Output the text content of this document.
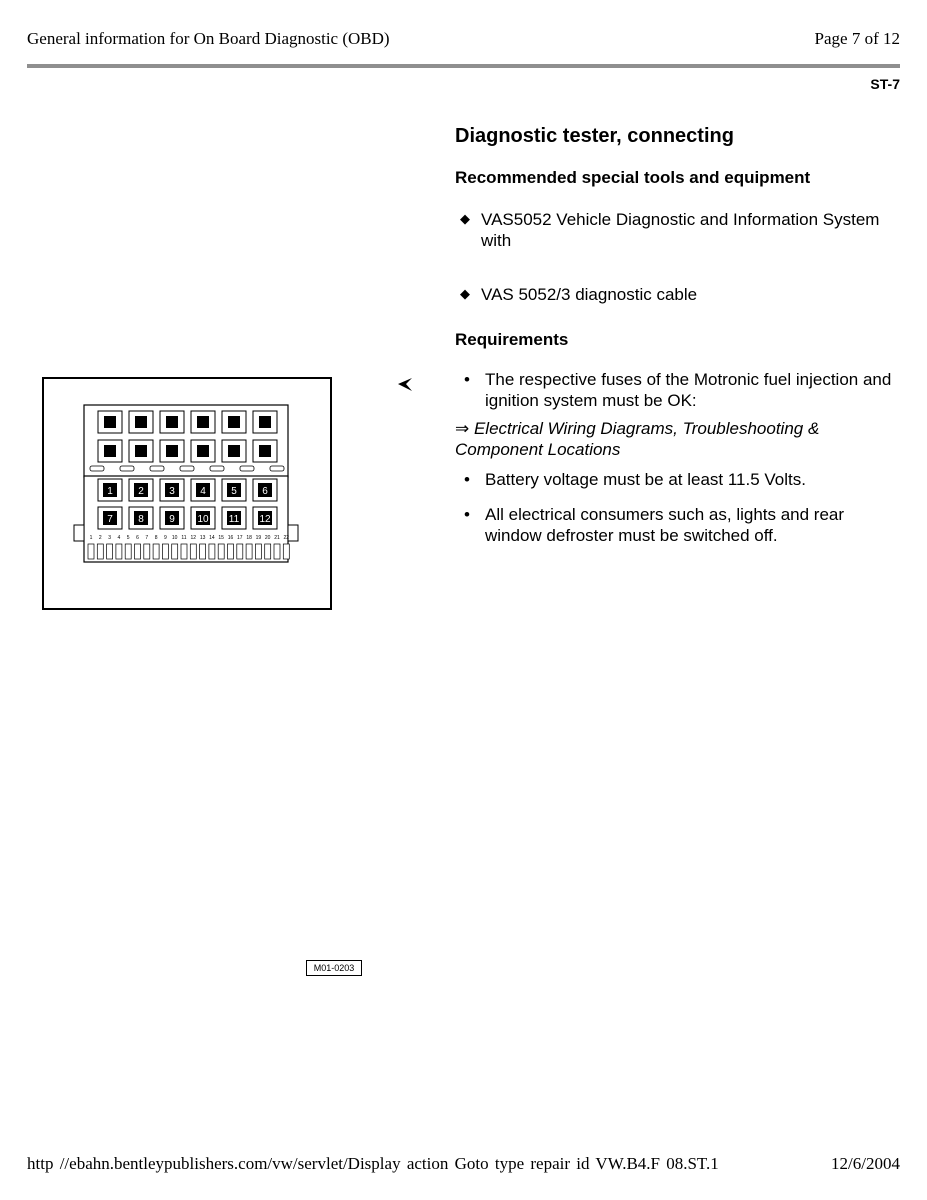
General information for On Board Diagnostic (OBD)	Page 7 of 12
ST-7
1	2	3	4	5	6
7	8	9 10 11 12
1 2 3 4 5 6 7 8 9 10 11 12 13 14 15 16 17 18 19 20 21 22
M01-0203
Diagnostic tester, connecting
Recommended special tools and equipment
◆ VAS5052 Vehicle Diagnostic and Information System with
◆ VAS 5052/3 diagnostic cable
Requirements
• The respective fuses of the Motronic fuel injection and ignition system must be OK:
⇒ Electrical Wiring Diagrams, Troubleshooting & Component Locations
• Battery voltage must be at least 11.5 Volts.
• All electrical consumers such as, lights and rear window defroster must be switched off.
http //ebahn.bentleypublishers.com/vw/servlet/Display action Goto type repair id VW.B4.F 08.ST.1	12/6/2004
